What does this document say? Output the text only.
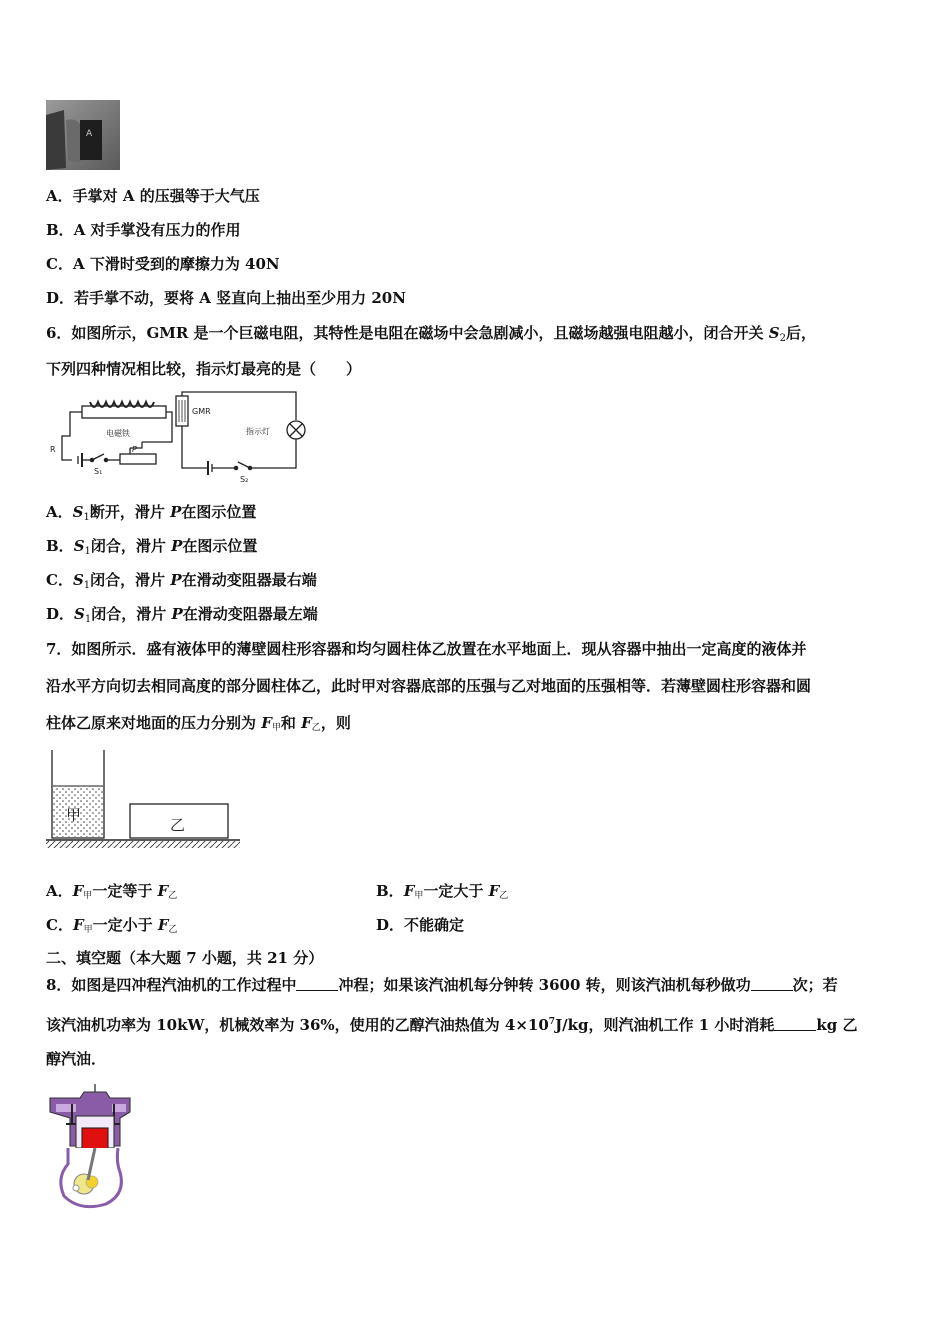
A
A．手掌对 A 的压强等于大气压
B．A 对手掌没有压力的作用
C．A 下滑时受到的摩擦力为 40N
D．若手掌不动，要将 A 竖直向上抽出至少用力 20N
6．如图所示，GMR 是一个巨磁电阻，其特性是电阻在磁场中会急剧减小，且磁场越强电阻越小，闭合开关 $S_2$后，
下列四种情况相比较，指示灯最亮的是（　　）
R	P
S₁
电磁铁
GMR
指示灯
S₂
A．$S_1$断开，滑片 P在图示位置
B．$S_1$闭合，滑片 P在图示位置
C．$S_1$闭合，滑片 P在滑动变阻器最右端
D．$S_1$闭合，滑片 P在滑动变阻器最左端
7．如图所示．盛有液体甲的薄壁圆柱形容器和均匀圆柱体乙放置在水平地面上．现从容器中抽出一定高度的液体并
沿水平方向切去相同高度的部分圆柱体乙，此时甲对容器底部的压强与乙对地面的压强相等．若薄壁圆柱形容器和圆
柱体乙原来对地面的压力分别为 $F_甲$和 $F_乙$，则
甲
乙
A．$F_甲$一定等于 $F_乙$	B．$F_甲$一定大于 $F_乙$
C．$F_甲$一定小于 $F_乙$	D．不能确定
二、填空题（本大题 7 小题，共 21 分）
8．如图是四冲程汽油机的工作过程中	冲程；如果该汽油机每分钟转 3600 转，则该汽油机每秒做功	次；若
该汽油机功率为 10kW，机械效率为 36%，使用的乙醇汽油热值为 $4\times 10^7J/kg$，则汽油机工作 1 小时消耗	kg 乙
醇汽油．
